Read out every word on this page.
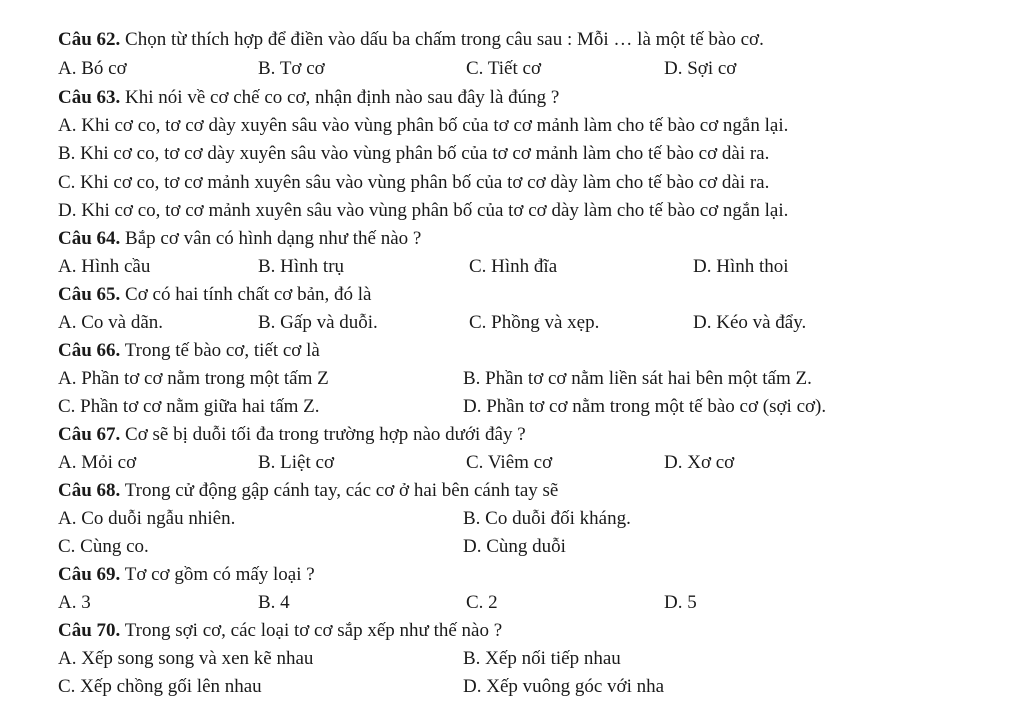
Câu 62. Chọn từ thích hợp để điền vào dấu ba chấm trong câu sau : Mỗi … là một tế bào cơ.
A. Bó cơ	B. Tơ cơ	C. Tiết cơ	D. Sợi cơ
Câu 63. Khi nói về cơ chế co cơ, nhận định nào sau đây là đúng ?
A. Khi cơ co, tơ cơ dày xuyên sâu vào vùng phân bố của tơ cơ mảnh làm cho tế bào cơ ngắn lại.
B. Khi cơ co, tơ cơ dày xuyên sâu vào vùng phân bố của tơ cơ mảnh làm cho tế bào cơ dài ra.
C. Khi cơ co, tơ cơ mảnh xuyên sâu vào vùng phân bố của tơ cơ dày làm cho tế bào cơ dài ra.
D. Khi cơ co, tơ cơ mảnh xuyên sâu vào vùng phân bố của tơ cơ dày làm cho tế bào cơ ngắn lại.
Câu 64. Bắp cơ vân có hình dạng như thế nào ?
A. Hình cầu	B. Hình trụ	C. Hình đĩa	D. Hình thoi
Câu 65. Cơ có hai tính chất cơ bản, đó là
A. Co và dãn.	B. Gấp và duỗi.	C. Phồng và xẹp.	D. Kéo và đẩy.
Câu 66. Trong tế bào cơ, tiết cơ là
A. Phần tơ cơ nằm trong một tấm Z	B. Phần tơ cơ nằm liền sát hai bên một tấm Z.
C. Phần tơ cơ nằm giữa hai tấm Z.	D. Phần tơ cơ nằm trong một tế bào cơ (sợi cơ).
Câu 67. Cơ sẽ bị duỗi tối đa trong trường hợp nào dưới đây ?
A. Mỏi cơ	B. Liệt cơ	C. Viêm cơ	D. Xơ cơ
Câu 68. Trong cử động gập cánh tay, các cơ ở hai bên cánh tay sẽ
A. Co duỗi ngẫu nhiên.	B. Co duỗi đối kháng.
C. Cùng co.	D. Cùng duỗi
Câu 69. Tơ cơ gồm có mấy loại ?
A. 3	B. 4	C. 2	D. 5
Câu 70. Trong sợi cơ, các loại tơ cơ sắp xếp như thế nào ?
A. Xếp song song và xen kẽ nhau	B. Xếp nối tiếp nhau
C. Xếp chồng gối lên nhau	D. Xếp vuông góc với nha
